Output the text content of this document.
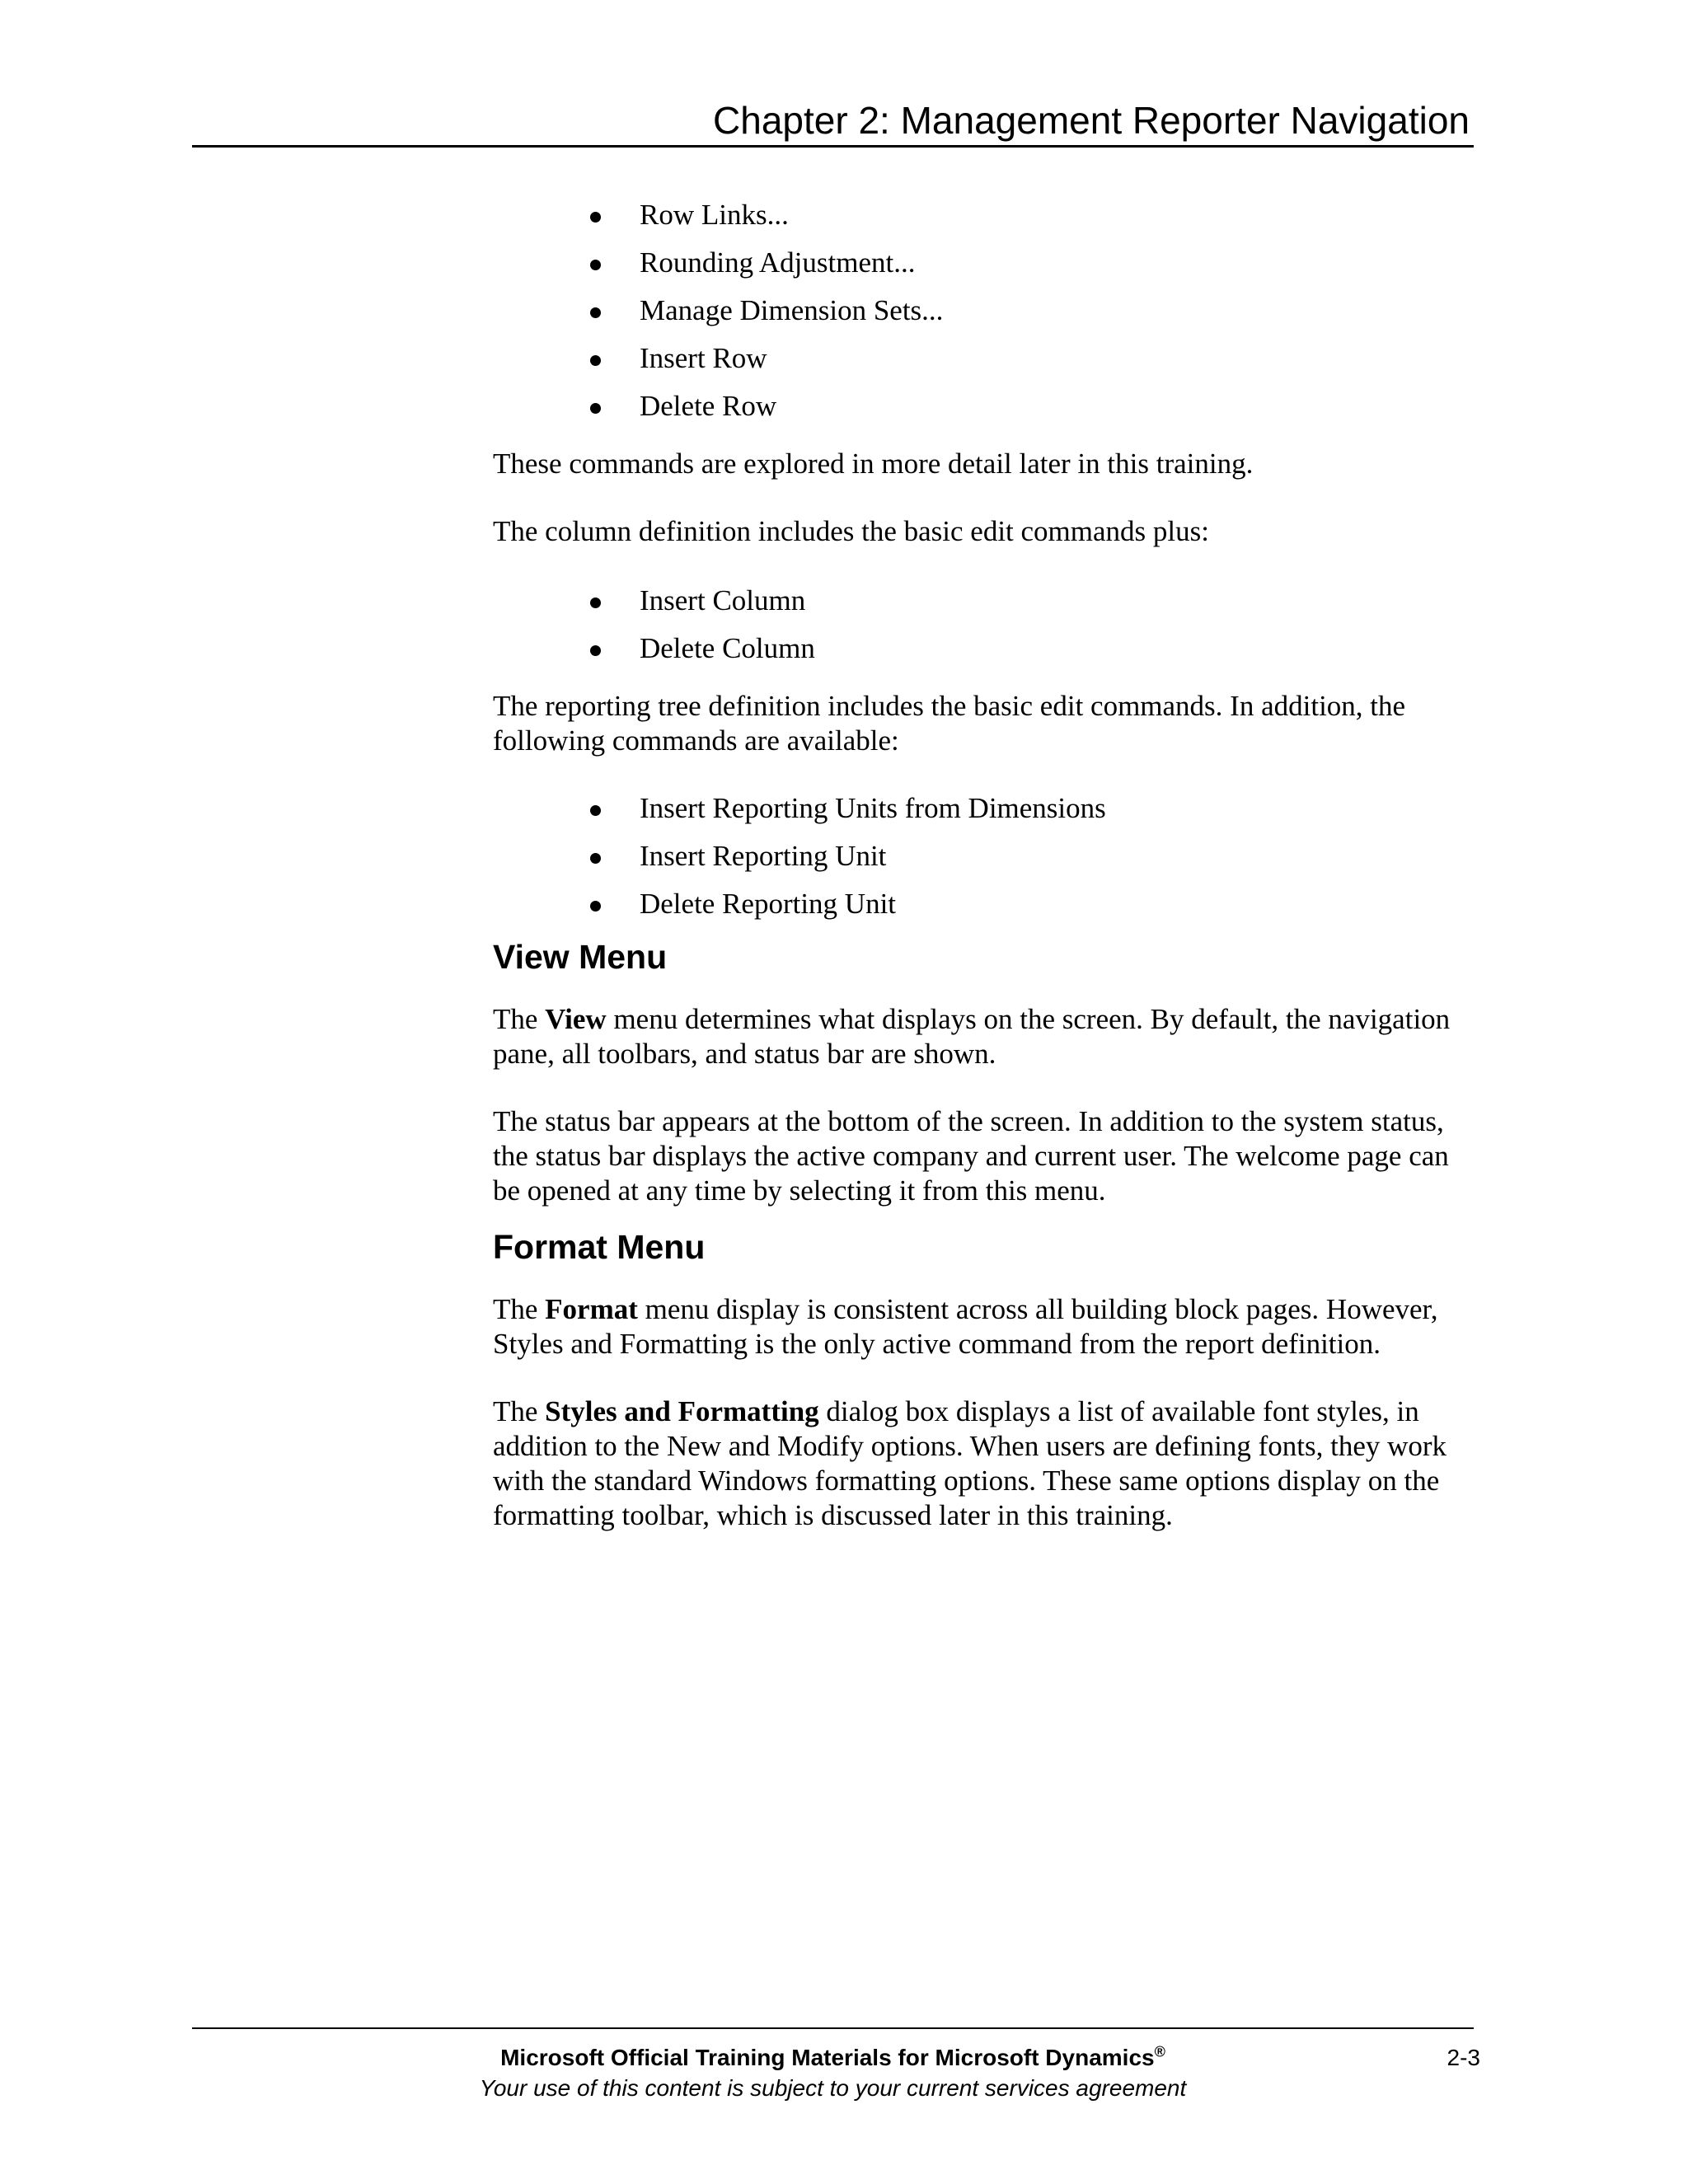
Chapter 2: Management Reporter Navigation
Row Links...
Rounding Adjustment...
Manage Dimension Sets...
Insert Row
Delete Row

These commands are explored in more detail later in this training.

The column definition includes the basic edit commands plus:

Insert Column
Delete Column

The reporting tree definition includes the basic edit commands. In addition, the following commands are available:

Insert Reporting Units from Dimensions
Insert Reporting Unit
Delete Reporting Unit
View Menu

The View menu determines what displays on the screen. By default, the navigation pane, all toolbars, and status bar are shown.

The status bar appears at the bottom of the screen. In addition to the system status, the status bar displays the active company and current user. The welcome page can be opened at any time by selecting it from this menu.

Format Menu

The Format menu display is consistent across all building block pages. However, Styles and Formatting is the only active command from the report definition.

The Styles and Formatting dialog box displays a list of available font styles, in addition to the New and Modify options. When users are defining fonts, they work with the standard Windows formatting options. These same options display on the formatting toolbar, which is discussed later in this training.

Microsoft Official Training Materials for Microsoft Dynamics®
Your use of this content is subject to your current services agreement
2-3
